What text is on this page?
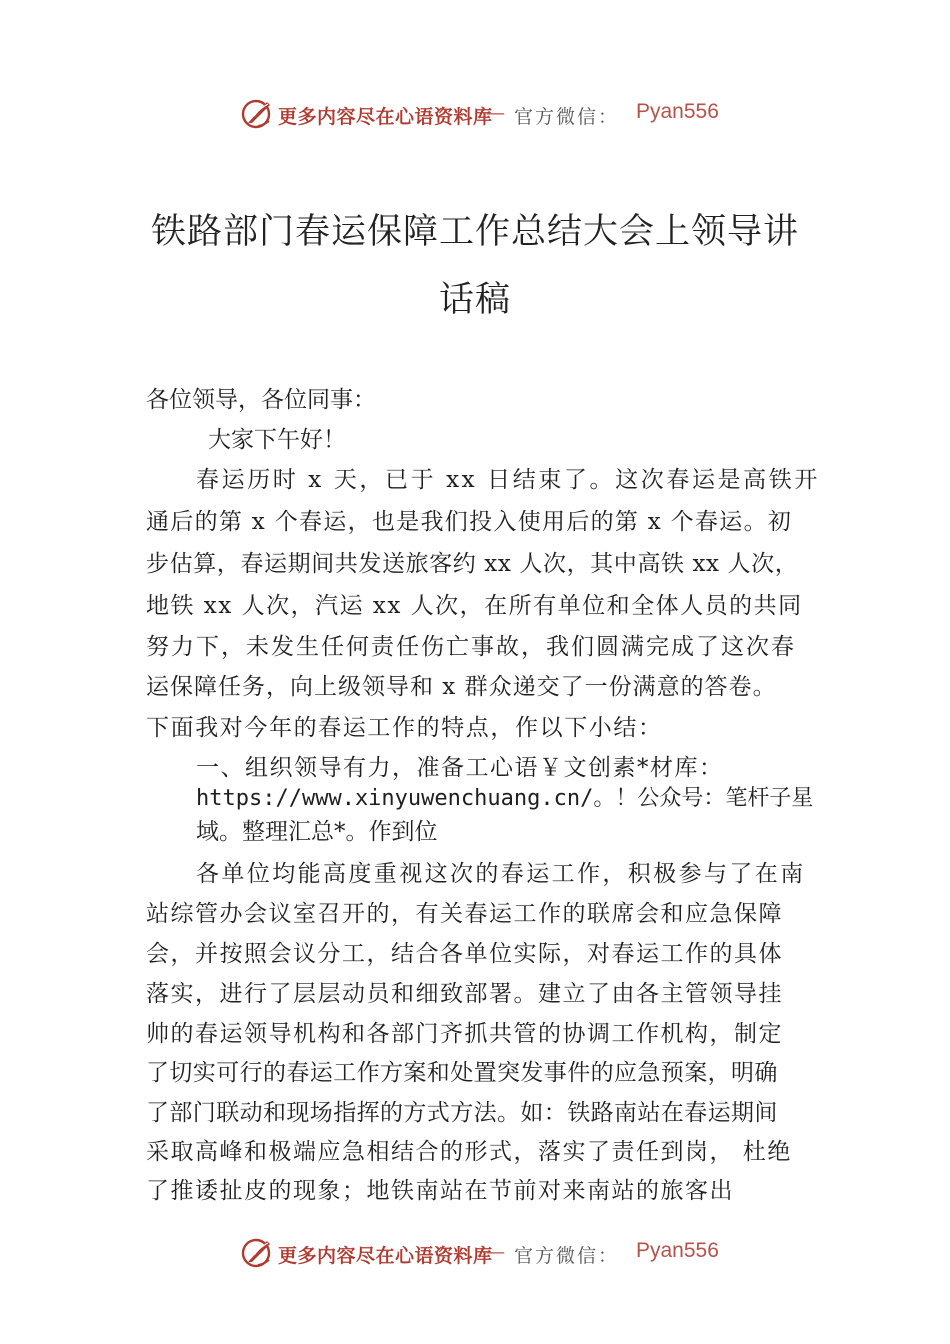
更多内容尽在心语资料库
— 官方微信： Pyan556
铁路部门春运保障工作总结大会上领导讲
话稿
各位领导，各位同事：
大家下午好！
春运历时 x 天，已于 xx 日结束了。这次春运是高铁开
通后的第 x 个春运，也是我们投入使用后的第 x 个春运。初
步估算，春运期间共发送旅客约 xx 人次，其中高铁 xx 人次，
地铁 xx 人次，汽运 xx 人次，在所有单位和全体人员的共同
努力下，未发生任何责任伤亡事故，我们圆满完成了这次春
运保障任务，向上级领导和 x 群众递交了一份满意的答卷。
下面我对今年的春运工作的特点，作以下小结：
一、组织领导有力，准备工心语￥文创素*材库：
https://www.xinyuwenchuang.cn/。！公众号：笔杆子星
域。整理汇总*。作到位
各单位均能高度重视这次的春运工作，积极参与了在南
站综管办会议室召开的，有关春运工作的联席会和应急保障
会，并按照会议分工，结合各单位实际，对春运工作的具体
落实，进行了层层动员和细致部署。建立了由各主管领导挂
帅的春运领导机构和各部门齐抓共管的协调工作机构，制定
了切实可行的春运工作方案和处置突发事件的应急预案，明确
了部门联动和现场指挥的方式方法。如：铁路南站在春运期间
采取高峰和极端应急相结合的形式，落实了责任到岗， 杜绝
了推诿扯皮的现象；地铁南站在节前对来南站的旅客出
更多内容尽在心语资料库
— 官方微信： Pyan556
